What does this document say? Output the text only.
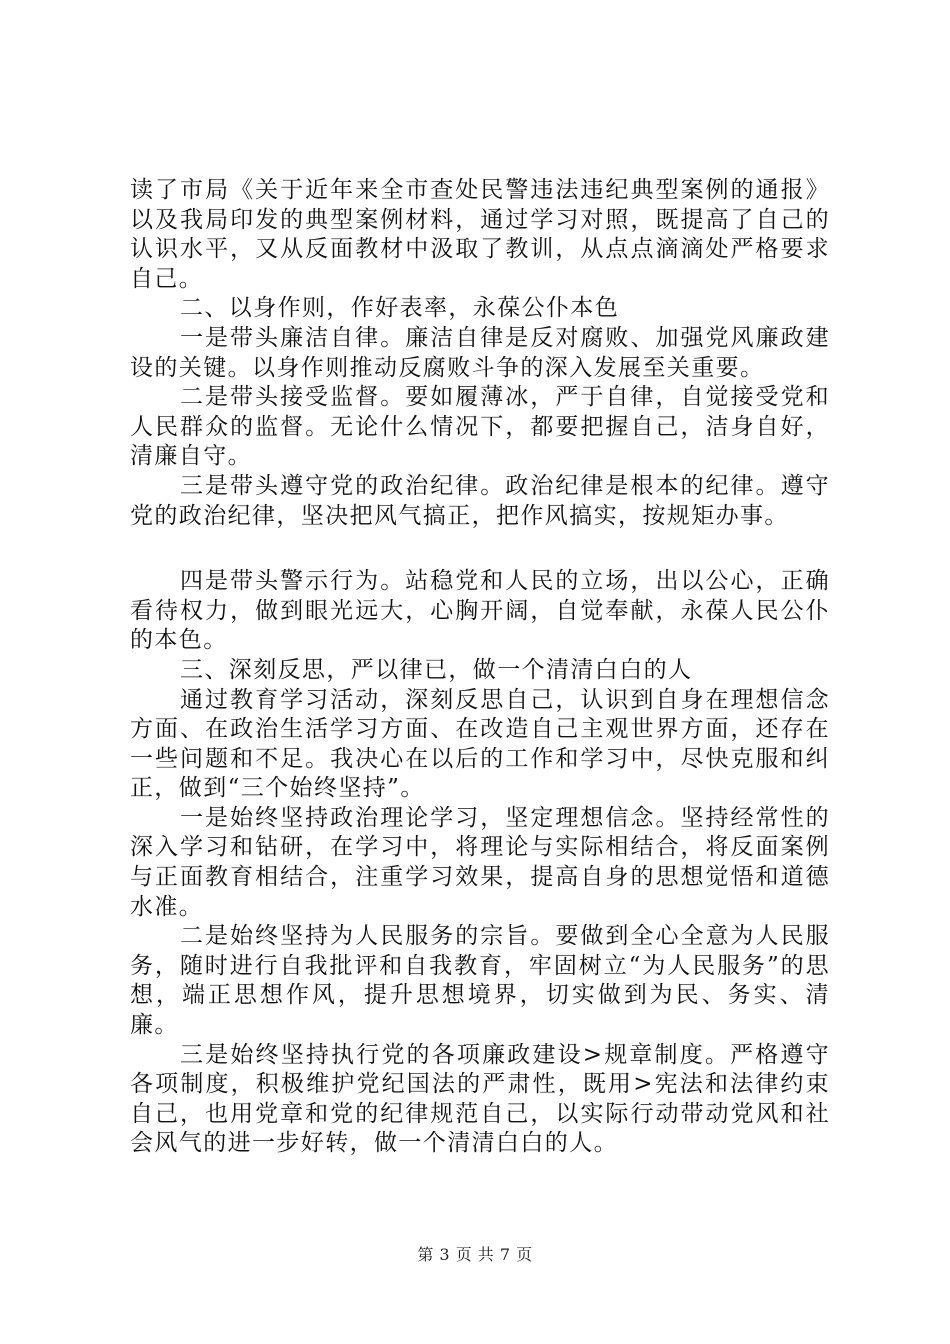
读了市局《关于近年来全市查处民警违法违纪典型案例的通报》以及我局印发的典型案例材料，通过学习对照，既提高了自己的认识水平，又从反面教材中汲取了教训，从点点滴滴处严格要求自己。

二、以身作则，作好表率，永葆公仆本色

一是带头廉洁自律。廉洁自律是反对腐败、加强党风廉政建设的关键。以身作则推动反腐败斗争的深入发展至关重要。

二是带头接受监督。要如履薄冰，严于自律，自觉接受党和人民群众的监督。无论什么情况下，都要把握自己，洁身自好，清廉自守。

三是带头遵守党的政治纪律。政治纪律是根本的纪律。遵守党的政治纪律，坚决把风气搞正，把作风搞实，按规矩办事。

四是带头警示行为。站稳党和人民的立场，出以公心，正确看待权力，做到眼光远大，心胸开阔，自觉奉献，永葆人民公仆的本色。

三、深刻反思，严以律已，做一个清清白白的人

通过教育学习活动，深刻反思自己，认识到自身在理想信念方面、在政治生活学习方面、在改造自己主观世界方面，还存在一些问题和不足。我决心在以后的工作和学习中，尽快克服和纠正，做到“三个始终坚持”。

一是始终坚持政治理论学习，坚定理想信念。坚持经常性的深入学习和钻研，在学习中，将理论与实际相结合，将反面案例与正面教育相结合，注重学习效果，提高自身的思想觉悟和道德水准。

二是始终坚持为人民服务的宗旨。要做到全心全意为人民服务，随时进行自我批评和自我教育，牢固树立“为人民服务”的思想，端正思想作风，提升思想境界，切实做到为民、务实、清廉。

三是始终坚持执行党的各项廉政建设>规章制度。严格遵守各项制度，积极维护党纪国法的严肃性，既用>宪法和法律约束自己，也用党章和党的纪律规范自己，以实际行动带动党风和社会风气的进一步好转，做一个清清白白的人。

第 3 页 共 7 页
